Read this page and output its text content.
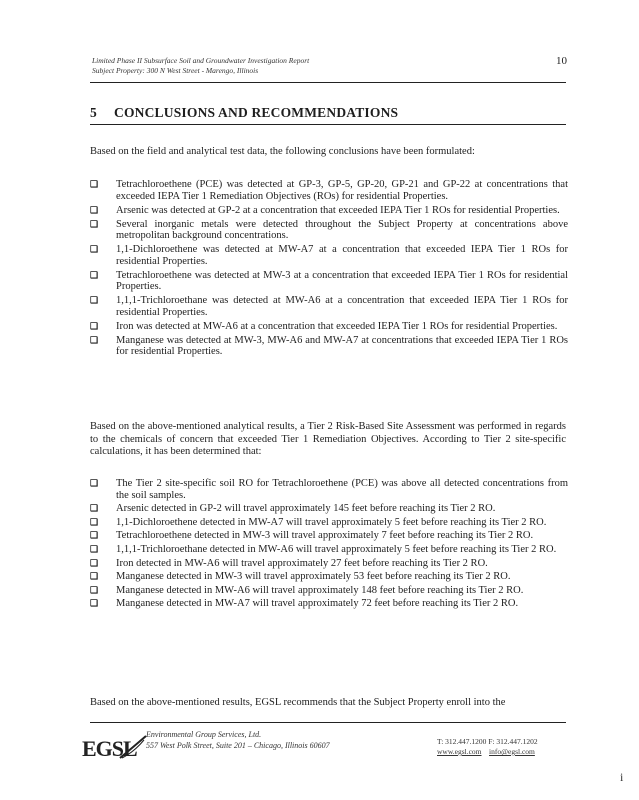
Limited Phase II Subsurface Soil and Groundwater Investigation Report
Subject Property: 300 N West Street - Marengo, Illinois
10
5 CONCLUSIONS AND RECOMMENDATIONS
Based on the field and analytical test data, the following conclusions have been formulated:
❑ Tetrachloroethene (PCE) was detected at GP-3, GP-5, GP-20, GP-21 and GP-22 at concentrations that exceeded IEPA Tier 1 Remediation Objectives (ROs) for residential Properties.
❑ Arsenic was detected at GP-2 at a concentration that exceeded IEPA Tier 1 ROs for residential Properties.
❑ Several inorganic metals were detected throughout the Subject Property at concentrations above metropolitan background concentrations.
❑ 1,1-Dichloroethene was detected at MW-A7 at a concentration that exceeded IEPA Tier 1 ROs for residential Properties.
❑ Tetrachloroethene was detected at MW-3 at a concentration that exceeded IEPA Tier 1 ROs for residential Properties.
❑ 1,1,1-Trichloroethane was detected at MW-A6 at a concentration that exceeded IEPA Tier 1 ROs for residential Properties.
❑ Iron was detected at MW-A6 at a concentration that exceeded IEPA Tier 1 ROs for residential Properties.
❑ Manganese was detected at MW-3, MW-A6 and MW-A7 at concentrations that exceeded IEPA Tier 1 ROs for residential Properties.
Based on the above-mentioned analytical results, a Tier 2 Risk-Based Site Assessment was performed in regards to the chemicals of concern that exceeded Tier 1 Remediation Objectives. According to Tier 2 site-specific calculations, it has been determined that:
❑ The Tier 2 site-specific soil RO for Tetrachloroethene (PCE) was above all detected concentrations from the soil samples.
❑ Arsenic detected in GP-2 will travel approximately 145 feet before reaching its Tier 2 RO.
❑ 1,1-Dichloroethene detected in MW-A7 will travel approximately 5 feet before reaching its Tier 2 RO.
❑ Tetrachloroethene detected in MW-3 will travel approximately 7 feet before reaching its Tier 2 RO.
❑ 1,1,1-Trichloroethane detected in MW-A6 will travel approximately 5 feet before reaching its Tier 2 RO.
❑ Iron detected in MW-A6 will travel approximately 27 feet before reaching its Tier 2 RO.
❑ Manganese detected in MW-3 will travel approximately 53 feet before reaching its Tier 2 RO.
❑ Manganese detected in MW-A6 will travel approximately 148 feet before reaching its Tier 2 RO.
❑ Manganese detected in MW-A7 will travel approximately 72 feet before reaching its Tier 2 RO.
Based on the above-mentioned results, EGSL recommends that the Subject Property enroll into the
EGSL
Environmental Group Services, Ltd.
557 West Polk Street, Suite 201 – Chicago, Illinois 60607	T: 312.447.1200 F: 312.447.1202
www.egsl.com info@egsl.com
i
